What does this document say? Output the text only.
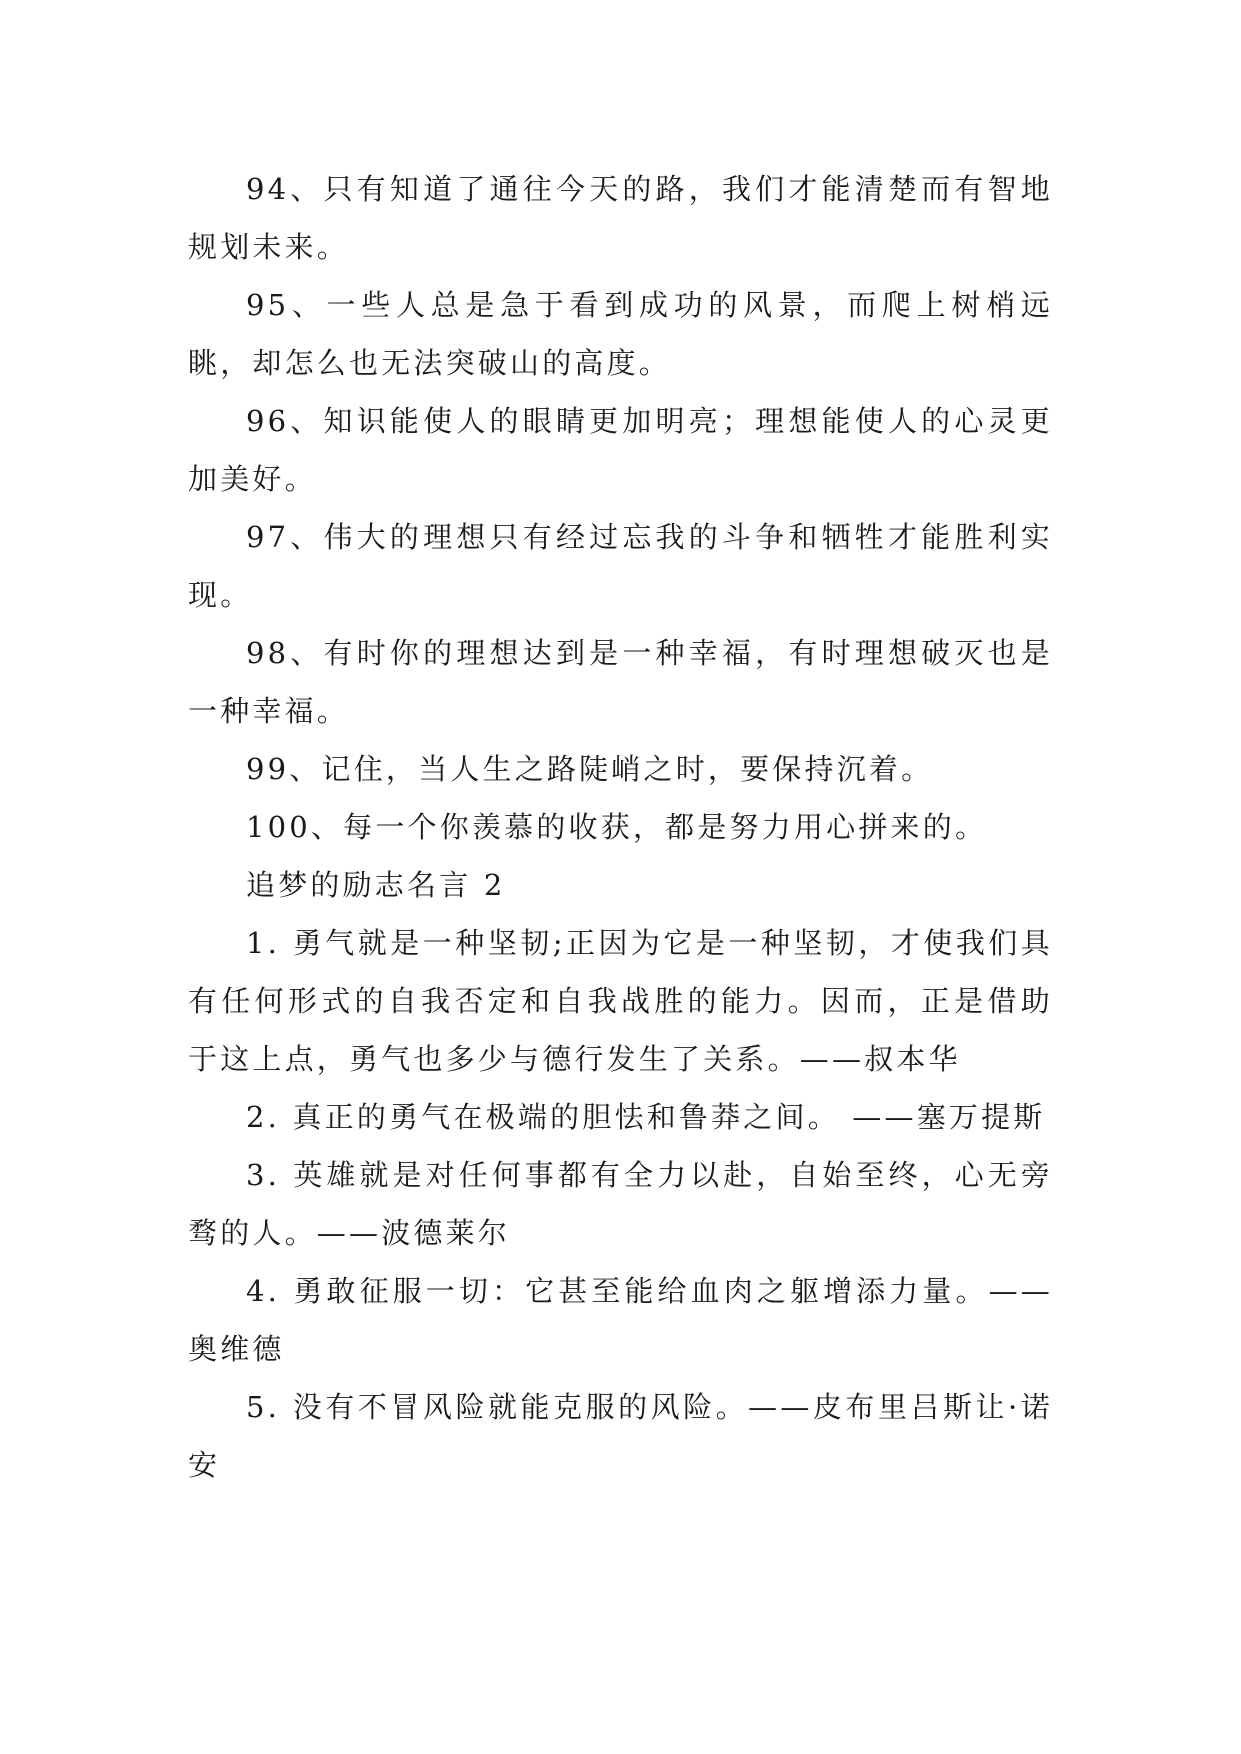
94、只有知道了通往今天的路，我们才能清楚而有智地规划未来。

95、一些人总是急于看到成功的风景，而爬上树梢远眺，却怎么也无法突破山的高度。

96、知识能使人的眼睛更加明亮；理想能使人的心灵更加美好。

97、伟大的理想只有经过忘我的斗争和牺牲才能胜利实现。

98、有时你的理想达到是一种幸福，有时理想破灭也是一种幸福。

99、记住，当人生之路陡峭之时，要保持沉着。

100、每一个你羡慕的收获，都是努力用心拼来的。

追梦的励志名言 2

1. 勇气就是一种坚韧;正因为它是一种坚韧，才使我们具有任何形式的自我否定和自我战胜的能力。因而，正是借助于这上点，勇气也多少与德行发生了关系。——叔本华

2. 真正的勇气在极端的胆怯和鲁莽之间。 ——塞万提斯

3. 英雄就是对任何事都有全力以赴，自始至终，心无旁骛的人。——波德莱尔

4. 勇敢征服一切：它甚至能给血肉之躯增添力量。——奥维德

5. 没有不冒风险就能克服的风险。——皮布里吕斯让·诺安
